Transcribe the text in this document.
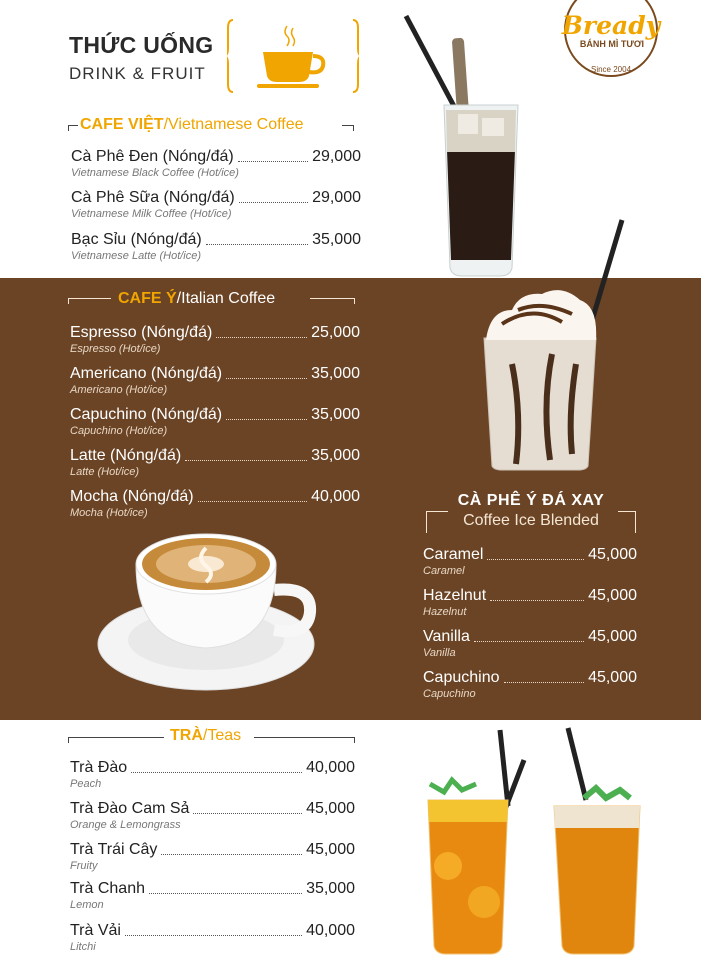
THỨC UỐNG
DRINK & FRUIT
Bready
BÁNH MÌ TƯƠI
Since 2004
CAFE VIỆT/Vietnamese Coffee
Cà Phê Đen (Nóng/đá)	29,000
Vietnamese Black Coffee (Hot/ice)
Cà Phê Sữa (Nóng/đá)	29,000
Vietnamese Milk Coffee (Hot/ice)
Bạc Sỉu (Nóng/đá)	35,000
Vietnamese Latte (Hot/ice)
CAFE Ý/Italian Coffee
Espresso (Nóng/đá)	25,000
Espresso (Hot/ice)
Americano (Nóng/đá)	35,000
Americano (Hot/ice)
Capuchino (Nóng/đá)	35,000
Capuchino (Hot/ice)
Latte (Nóng/đá)	35,000
Latte (Hot/ice)
Mocha (Nóng/đá)	40,000
Mocha (Hot/ice)
CÀ PHÊ Ý ĐÁ XAY
Coffee Ice Blended
Caramel	45,000
Caramel
Hazelnut	45,000
Hazelnut
Vanilla	45,000
Vanilla
Capuchino	45,000
Capuchino
TRÀ/Teas
Trà Đào	40,000
Peach
Trà Đào Cam Sả	45,000
Orange & Lemongrass
Trà Trái Cây	45,000
Fruity
Trà Chanh	35,000
Lemon
Trà Vải	40,000
Litchi
